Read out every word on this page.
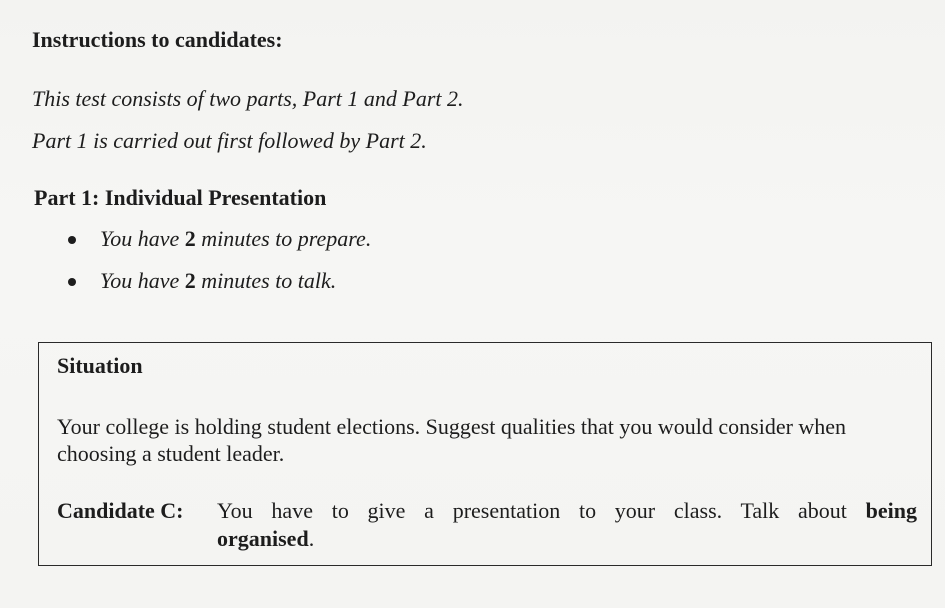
Instructions to candidates:
This test consists of two parts, Part 1 and Part 2.
Part 1 is carried out first followed by Part 2.
Part 1: Individual Presentation
You have 2 minutes to prepare.
You have 2 minutes to talk.
Situation
Your college is holding student elections. Suggest qualities that you would consider when choosing a student leader.
Candidate C:	You have to give a presentation to your class. Talk about being organised.
